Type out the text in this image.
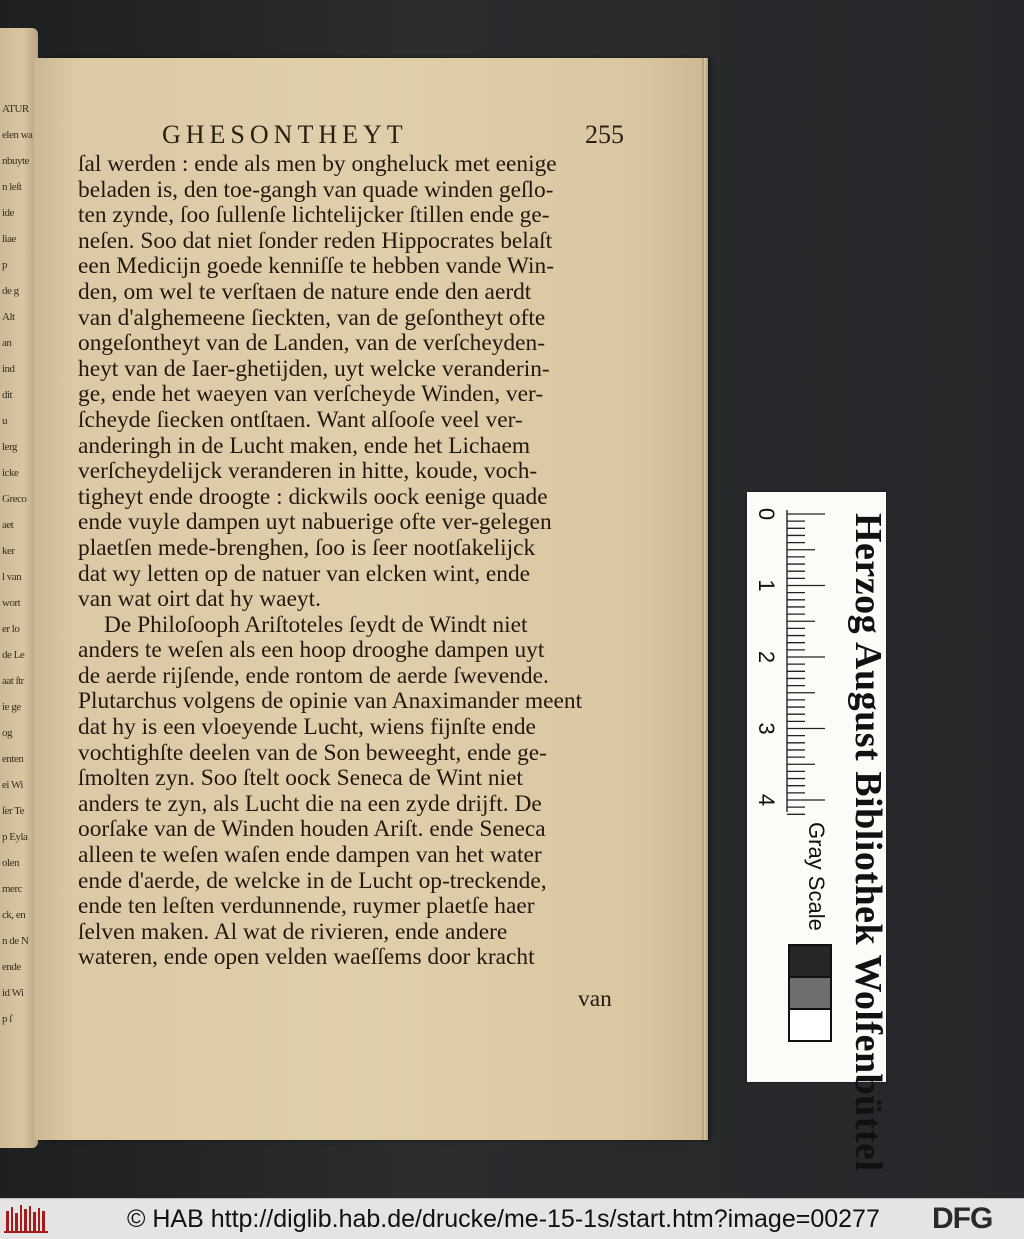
ATUR
elen wa
nbuyte
n leſt
ide
liae
p
de g
Alt
an
ind
dit
u
lerg
icke
Greco
aet
ker
l van
wort
er lo
de Le
aat ſtr
ie ge
og
enten
ei Wi
ſer Te
p Eyla
olen
merc
ck, en
n de N
ende
id Wi
p ſ
GHESONTHEYT	255
ſal werden : ende als men by ongheluck met eenige
beladen is, den toe-gangh van quade winden geſlo-
ten zynde, ſoo ſullenſe lichtelijcker ſtillen ende ge-
neſen. Soo dat niet ſonder reden Hippocrates belaſt
een Medicijn goede kenniſſe te hebben vande Win-
den, om wel te verſtaen de nature ende den aerdt
van d'alghemeene ſieckten, van de geſontheyt ofte
ongeſontheyt van de Landen, van de verſcheyden-
heyt van de Iaer-ghetijden, uyt welcke veranderin-
ge, ende het waeyen van verſcheyde Winden, ver-
ſcheyde ſiecken ontſtaen. Want alſooſe veel ver-
anderingh in de Lucht maken, ende het Lichaem
verſcheydelijck veranderen in hitte, koude, voch-
tigheyt ende droogte : dickwils oock eenige quade
ende vuyle dampen uyt nabuerige ofte ver-gelegen
plaetſen mede-brenghen, ſoo is ſeer nootſakelijck
dat wy letten op de natuer van elcken wint, ende
van wat oirt dat hy waeyt.
De Philoſooph Ariſtoteles ſeydt de Windt niet
anders te weſen als een hoop drooghe dampen uyt
de aerde rijſende, ende rontom de aerde ſwevende.
Plutarchus volgens de opinie van Anaximander meent
dat hy is een vloeyende Lucht, wiens fijnſte ende
vochtighſte deelen van de Son beweeght, ende ge-
ſmolten zyn. Soo ſtelt oock Seneca de Wint niet
anders te zyn, als Lucht die na een zyde drijft. De
oorſake van de Winden houden Ariſt. ende Seneca
alleen te weſen waſen ende dampen van het water
ende d'aerde, de welcke in de Lucht op-treckende,
ende ten leſten verdunnende, ruymer plaetſe haer
ſelven maken. Al wat de rivieren, ende andere
wateren, ende open velden waeſſems door kracht
van
0
1
2
3
4 Herzog August Bibliothek Wolfenbüttel
Gray Scale
© HAB http://diglib.hab.de/drucke/me-15-1s/start.htm?image=00277 DFG
